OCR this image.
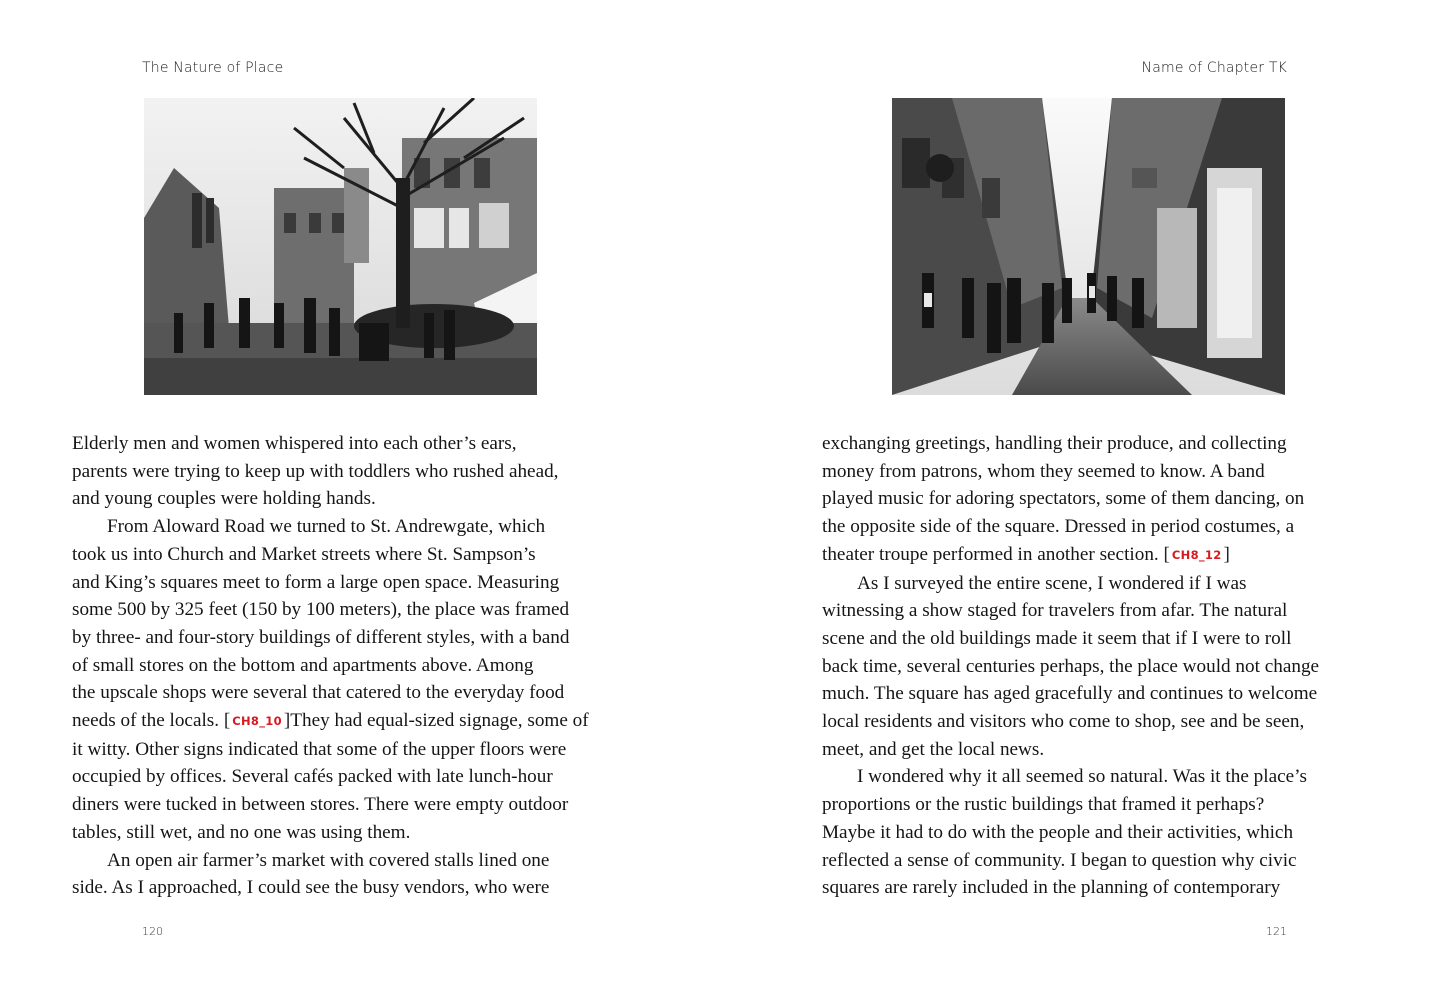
The Nature of Place
Elderly men and women whispered into each other’s ears,
parents were trying to keep up with toddlers who rushed ahead,
and young couples were holding hands.
From Aloward Road we turned to St. Andrewgate, which
took us into Church and Market streets where St. Sampson’s
and King’s squares meet to form a large open space. Measuring
some 500 by 325 feet (150 by 100 meters), the place was framed
by three- and four-story buildings of different styles, with a band
of small stores on the bottom and apartments above. Among
the upscale shops were several that catered to the everyday food
needs of the locals. [ CH8_10 ]They had equal-sized signage, some of
it witty. Other signs indicated that some of the upper floors were
occupied by offices. Several cafés packed with late lunch-hour
diners were tucked in between stores. There were empty outdoor
tables, still wet, and no one was using them.
An open air farmer’s market with covered stalls lined one
side. As I approached, I could see the busy vendors, who were
120
Name of Chapter TK
exchanging greetings, handling their produce, and collecting
money from patrons, whom they seemed to know. A band
played music for adoring spectators, some of them dancing, on
the opposite side of the square. Dressed in period costumes, a
theater troupe performed in another section. [ CH8_12 ]
As I surveyed the entire scene, I wondered if I was
witnessing a show staged for travelers from afar. The natural
scene and the old buildings made it seem that if I were to roll
back time, several centuries perhaps, the place would not change
much. The square has aged gracefully and continues to welcome
local residents and visitors who come to shop, see and be seen,
meet, and get the local news.
I wondered why it all seemed so natural. Was it the place’s
proportions or the rustic buildings that framed it perhaps?
Maybe it had to do with the people and their activities, which
reflected a sense of community. I began to question why civic
squares are rarely included in the planning of contemporary
121
